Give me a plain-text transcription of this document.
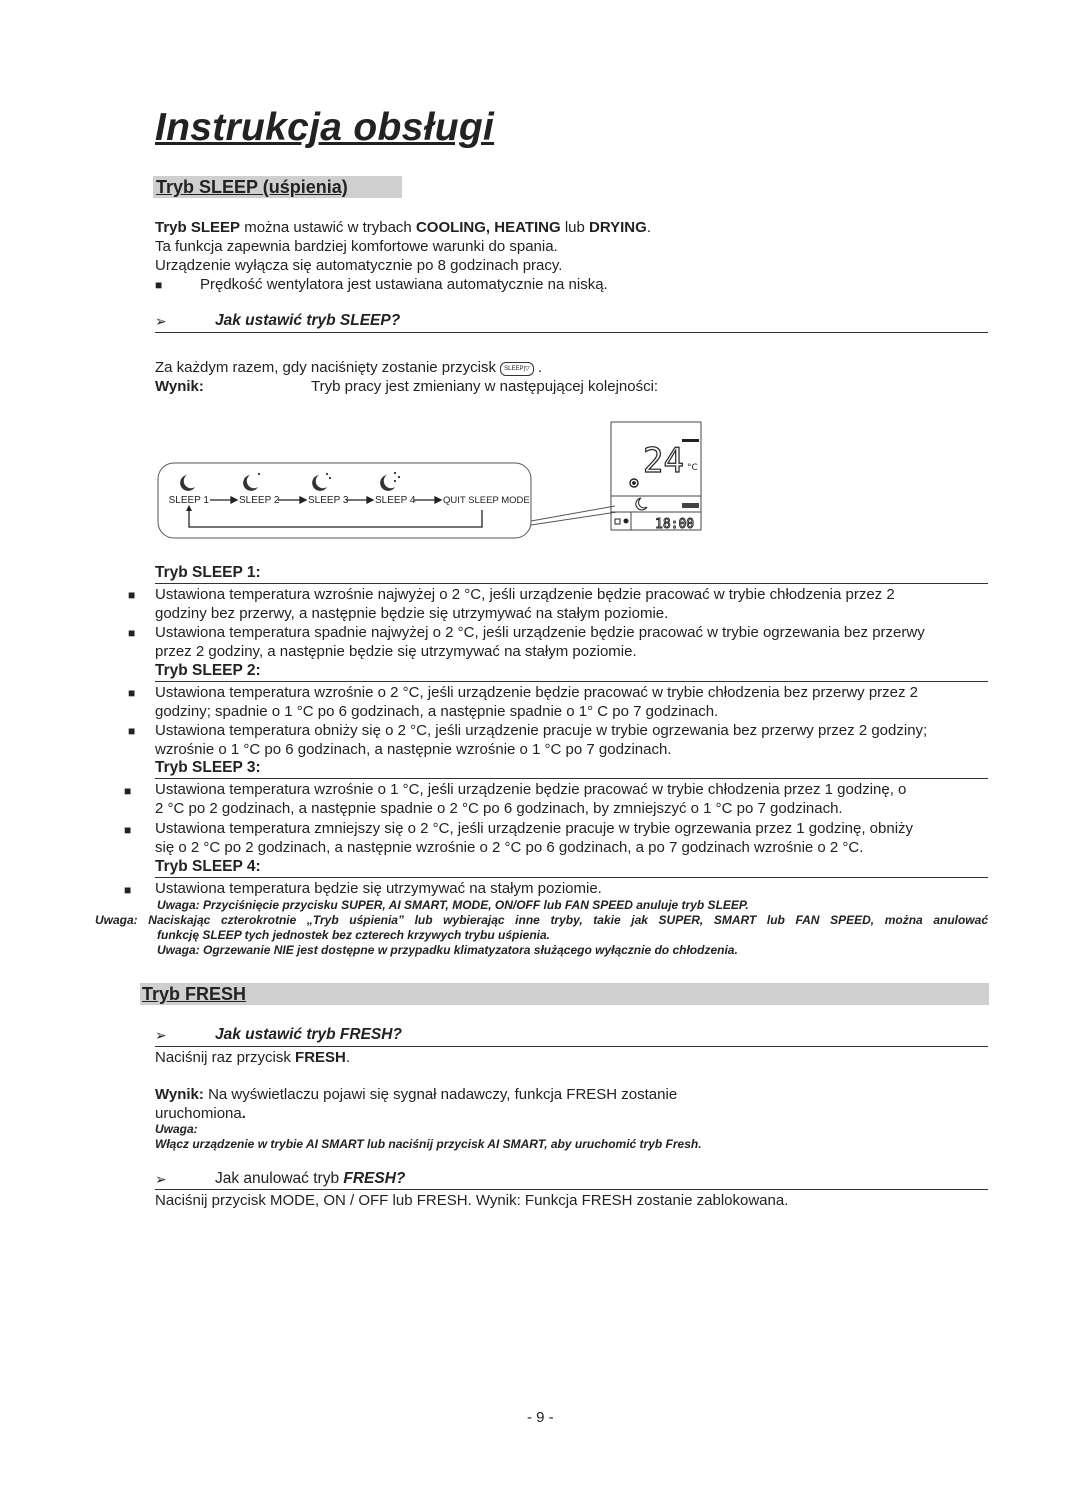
Instrukcja obsługi
Tryb SLEEP (uśpienia)
Tryb SLEEP można ustawić w trybach COOLING, HEATING lub DRYING.
Ta funkcja zapewnia bardziej komfortowe warunki do spania.
Urządzenie wyłącza się automatycznie po 8 godzinach pracy.
■	Prędkość wentylatora jest ustawiana automatycznie na niską.
➢	Jak ustawić tryb SLEEP?
Za każdym razem, gdy naciśnięty zostanie przycisk SLEEP|▽ .
Wynik:	Tryb pracy jest zmieniany w następującej kolejności:
SLEEP 1	SLEEP 2	SLEEP 3	SLEEP 4	QUIT SLEEP MODE
24 °C
18:00
Tryb SLEEP 1:
■ Ustawiona temperatura wzrośnie najwyżej o 2 °C, jeśli urządzenie będzie pracować w trybie chłodzenia przez 2
godziny bez przerwy, a następnie będzie się utrzymywać na stałym poziomie.
■ Ustawiona temperatura spadnie najwyżej o 2 °C, jeśli urządzenie będzie pracować w trybie ogrzewania bez przerwy
przez 2 godziny, a następnie będzie się utrzymywać na stałym poziomie.
Tryb SLEEP 2:
■ Ustawiona temperatura wzrośnie o 2 °C, jeśli urządzenie będzie pracować w trybie chłodzenia bez przerwy przez 2
godziny; spadnie o 1 °C po 6 godzinach, a następnie spadnie o 1° C po 7 godzinach.
■ Ustawiona temperatura obniży się o 2 °C, jeśli urządzenie pracuje w trybie ogrzewania bez przerwy przez 2 godziny;
wzrośnie o 1 °C po 6 godzinach, a następnie wzrośnie o 1 °C po 7 godzinach.
Tryb SLEEP 3:
■ Ustawiona temperatura wzrośnie o 1 °C, jeśli urządzenie będzie pracować w trybie chłodzenia przez 1 godzinę, o
2 °C po 2 godzinach, a następnie spadnie o 2 °C po 6 godzinach, by zmniejszyć o 1 °C po 7 godzinach.
■ Ustawiona temperatura zmniejszy się o 2 °C, jeśli urządzenie pracuje w trybie ogrzewania przez 1 godzinę, obniży
się o 2 °C po 2 godzinach, a następnie wzrośnie o 2 °C po 6 godzinach, a po 7 godzinach wzrośnie o 2 °C.
Tryb SLEEP 4:
■ Ustawiona temperatura będzie się utrzymywać na stałym poziomie.
Uwaga: Przyciśnięcie przycisku SUPER, AI SMART, MODE, ON/OFF lub FAN SPEED anuluje tryb SLEEP.
Uwaga: Naciskając czterokrotnie „Tryb uśpienia” lub wybierając inne tryby, takie jak SUPER, SMART lub FAN SPEED, można anulować
funkcję SLEEP tych jednostek bez czterech krzywych trybu uśpienia.
Uwaga: Ogrzewanie NIE jest dostępne w przypadku klimatyzatora służącego wyłącznie do chłodzenia.
Tryb FRESH
➢	Jak ustawić tryb FRESH?
Naciśnij raz przycisk FRESH.
Wynik: Na wyświetlaczu pojawi się sygnał nadawczy, funkcja FRESH zostanie
uruchomiona.
Uwaga:
Włącz urządzenie w trybie AI SMART lub naciśnij przycisk AI SMART, aby uruchomić tryb Fresh.
➢	Jak anulować tryb FRESH?
Naciśnij przycisk MODE, ON / OFF lub FRESH. Wynik: Funkcja FRESH zostanie zablokowana.
- 9 -
